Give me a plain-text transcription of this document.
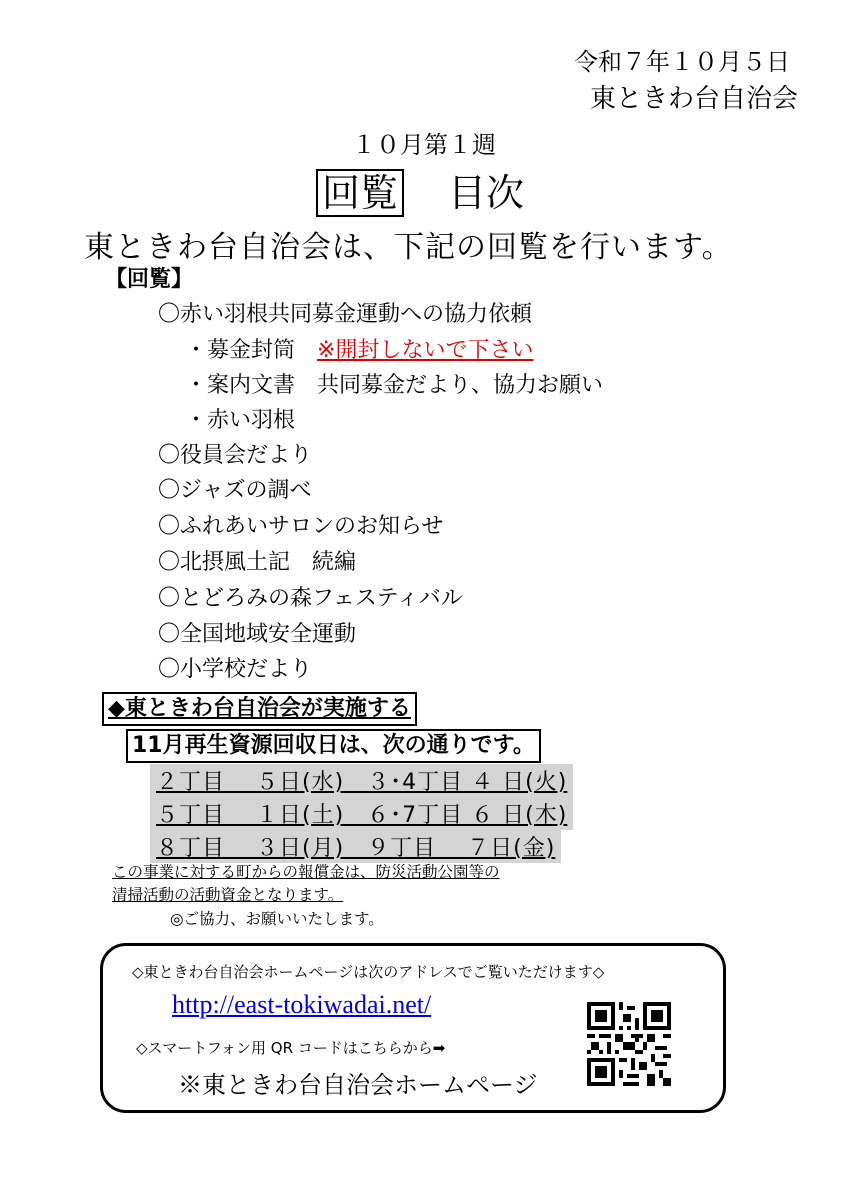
令和７年１０月５日
東ときわ台自治会
１０月第１週
回覧 目次
東ときわ台自治会は、下記の回覧を行います。
【回覧】
〇赤い羽根共同募金運動への協力依頼
・募金封筒　 ※開封しないで下さい
・案内文書　共同募金だより、協力お願い
・赤い羽根
〇役員会だより
〇ジャズの調べ
〇ふれあいサロンのお知らせ
〇北摂風土記　続編
〇とどろみの森フェスティバル
〇全国地域安全運動
〇小学校だより
◆東ときわ台自治会が実施する
11月再生資源回収日は、次の通りです。
２丁目　 ５日(水)　３･4丁目 ４ 日(火)
５丁目　 １日(土)　６･7丁目 ６ 日(木)
８丁目　 ３日(月)　９丁目　 ７日(金)
この事業に対する町からの報償金は、防災活動公園等の
清掃活動の活動資金となります。
◎ご協力、お願いいたします。
◇東ときわ台自治会ホームページは次のアドレスでご覧いただけます◇
http://east-tokiwadai.net/
◇スマートフォン用 QR コードはこちらから➡
※東ときわ台自治会ホームページ
